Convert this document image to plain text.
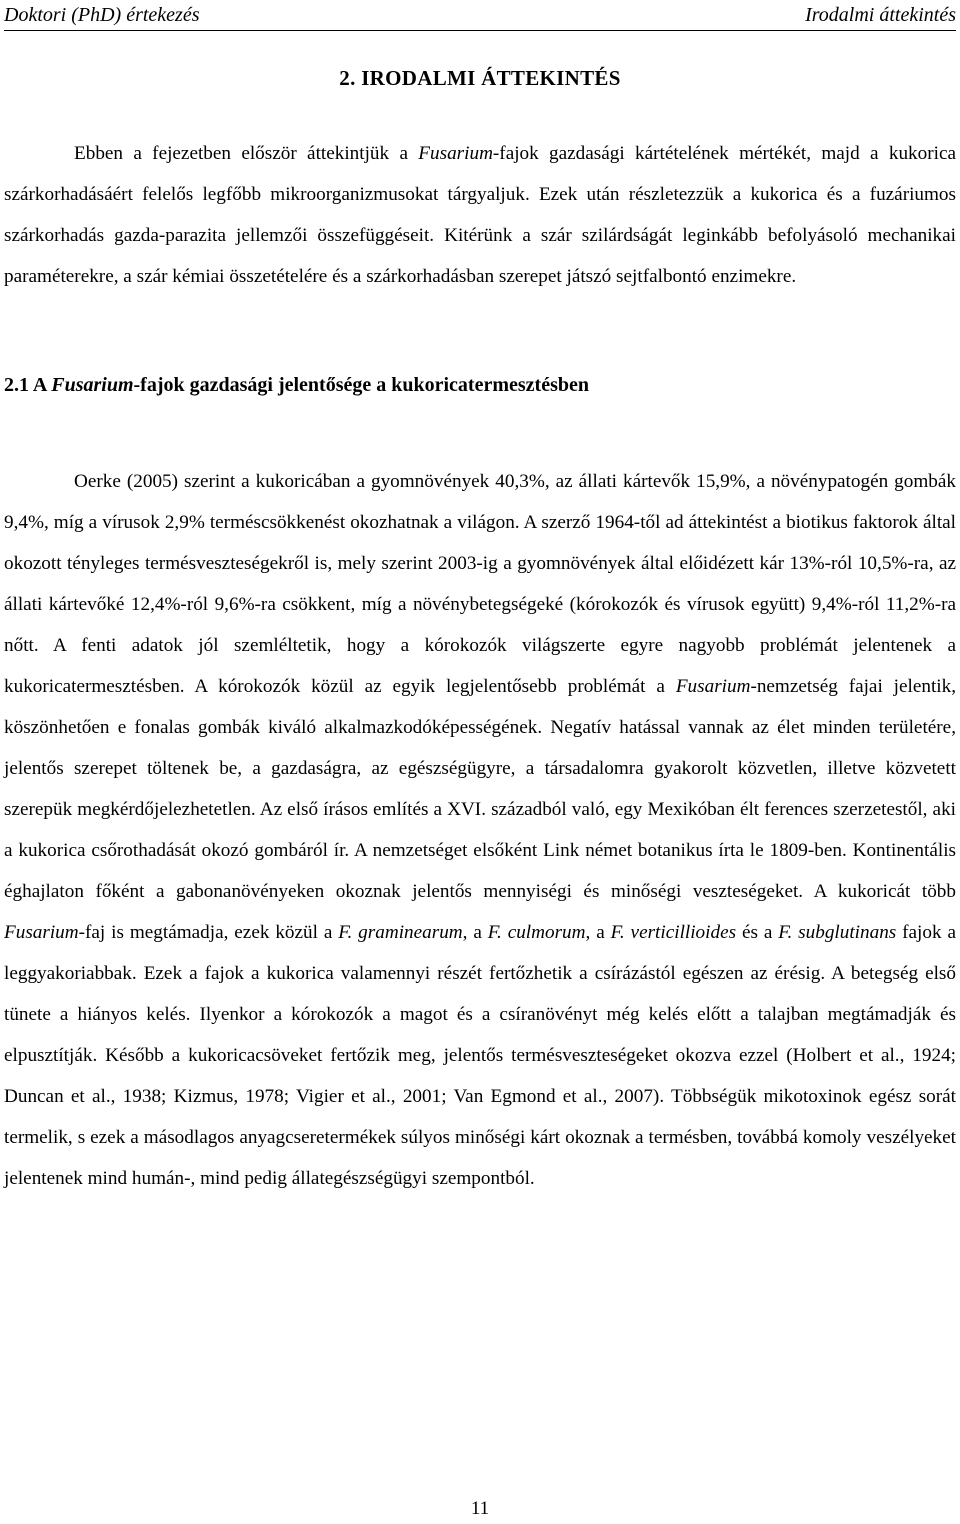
Doktori (PhD) értekezés	Irodalmi áttekintés
2. IRODALMI ÁTTEKINTÉS

Ebben a fejezetben először áttekintjük a Fusarium-fajok gazdasági kártételének mértékét, majd a kukorica szárkorhadásáért felelős legfőbb mikroorganizmusokat tárgyaljuk. Ezek után részletezzük a kukorica és a fuzáriumos szárkorhadás gazda-parazita jellemzői összefüggéseit. Kitérünk a szár szilárdságát leginkább befolyásoló mechanikai paraméterekre, a szár kémiai összetételére és a szárkorhadásban szerepet játszó sejtfalbontó enzimekre.

2.1 A Fusarium-fajok gazdasági jelentősége a kukoricatermesztésben

Oerke (2005) szerint a kukoricában a gyomnövények 40,3%, az állati kártevők 15,9%, a növénypatogén gombák 9,4%, míg a vírusok 2,9% terméscsökkenést okozhatnak a világon. A szerző 1964-től ad áttekintést a biotikus faktorok által okozott tényleges termésveszteségekről is, mely szerint 2003-ig a gyomnövények által előidézett kár 13%-ról 10,5%-ra, az állati kártevőké 12,4%-ról 9,6%-ra csökkent, míg a növénybetegségeké (kórokozók és vírusok együtt) 9,4%-ról 11,2%-ra nőtt. A fenti adatok jól szemléltetik, hogy a kórokozók világszerte egyre nagyobb problémát jelentenek a kukoricatermesztésben. A kórokozók közül az egyik legjelentősebb problémát a Fusarium-nemzetség fajai jelentik, köszönhetően e fonalas gombák kiváló alkalmazkodóképességének. Negatív hatással vannak az élet minden területére, jelentős szerepet töltenek be, a gazdaságra, az egészségügyre, a társadalomra gyakorolt közvetlen, illetve közvetett szerepük megkérdőjelezhetetlen. Az első írásos említés a XVI. századból való, egy Mexikóban élt ferences szerzetestől, aki a kukorica csőrothadását okozó gombáról ír. A nemzetséget elsőként Link német botanikus írta le 1809-ben. Kontinentális éghajlaton főként a gabonanövényeken okoznak jelentős mennyiségi és minőségi veszteségeket. A kukoricát több Fusarium-faj is megtámadja, ezek közül a F. graminearum, a F. culmorum, a F. verticillioides és a F. subglutinans fajok a leggyakoriabbak. Ezek a fajok a kukorica valamennyi részét fertőzhetik a csírázástól egészen az érésig. A betegség első tünete a hiányos kelés. Ilyenkor a kórokozók a magot és a csíranövényt még kelés előtt a talajban megtámadják és elpusztítják. Később a kukoricacsöveket fertőzik meg, jelentős termésveszteségeket okozva ezzel (Holbert et al., 1924; Duncan et al., 1938; Kizmus, 1978; Vigier et al., 2001; Van Egmond et al., 2007). Többségük mikotoxinok egész sorát termelik, s ezek a másodlagos anyagcseretermékek súlyos minőségi kárt okoznak a termésben, továbbá komoly veszélyeket jelentenek mind humán-, mind pedig állategészségügyi szempontból.

11
